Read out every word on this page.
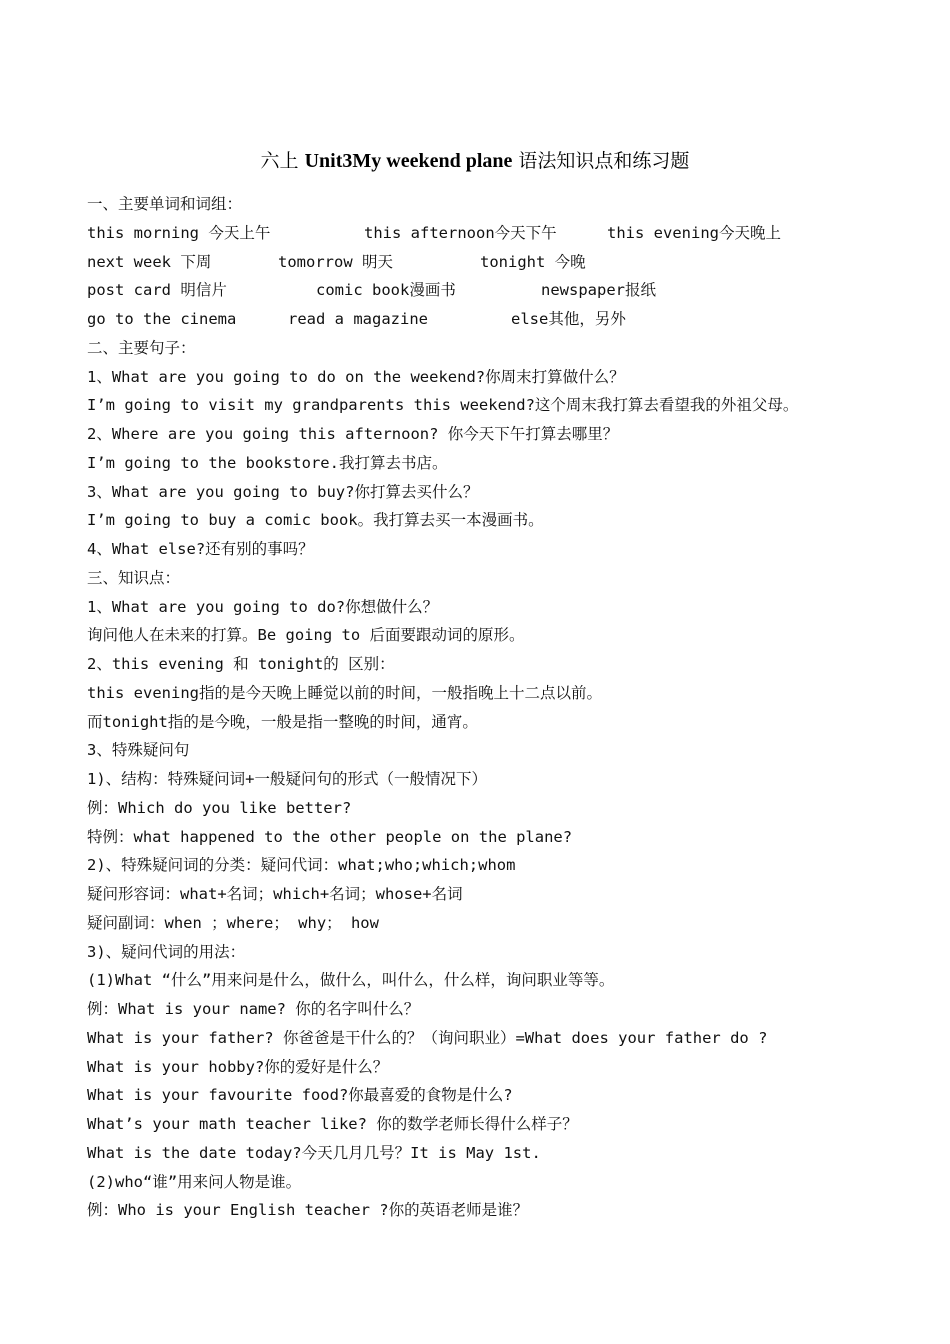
六上 Unit3My weekend plane 语法知识点和练习题
一、主要单词和词组：
this morning 今天上午	this afternoon今天下午	this evening今天晚上
next week 下周	tomorrow 明天	tonight 今晚
post card 明信片	comic book漫画书	newspaper报纸
go to the cinema	read a magazine	else其他，另外
二、主要句子：
1、What are you going to do on the weekend?你周末打算做什么？
I’m going to visit my grandparents this weekend?这个周末我打算去看望我的外祖父母。
2、Where are you going this afternoon? 你今天下午打算去哪里？
I’m going to the bookstore.我打算去书店。
3、What are you going to buy?你打算去买什么？
I’m going to buy a comic book。我打算去买一本漫画书。
4、What else?还有别的事吗？
三、知识点：
1、What are you going to do?你想做什么？
询问他人在未来的打算。Be going to 后面要跟动词的原形。
2、this evening 和 tonight的 区别：
this evening指的是今天晚上睡觉以前的时间，一般指晚上十二点以前。
而tonight指的是今晚，一般是指一整晚的时间，通宵。
3、特殊疑问句
1)、结构：特殊疑问词+一般疑问句的形式（一般情况下）
例：Which do you like better?
特例：what happened to the other people on the plane?
2)、特殊疑问词的分类：疑问代词：what;who;which;whom
疑问形容词：what+名词；which+名词；whose+名词
疑问副词：when ；where； why； how
3)、疑问代词的用法：
(1)What “什么”用来问是什么，做什么，叫什么，什么样，询问职业等等。
例：What is your name? 你的名字叫什么？
What is your father? 你爸爸是干什么的？（询问职业）=What does your father do ?
What is your hobby?你的爱好是什么？
What is your favourite food?你最喜爱的食物是什么?
What’s your math teacher like? 你的数学老师长得什么样子？
What is the date today?今天几月几号？It is May 1st.
(2)who“谁”用来问人物是谁。
例：Who is your English teacher ?你的英语老师是谁？
